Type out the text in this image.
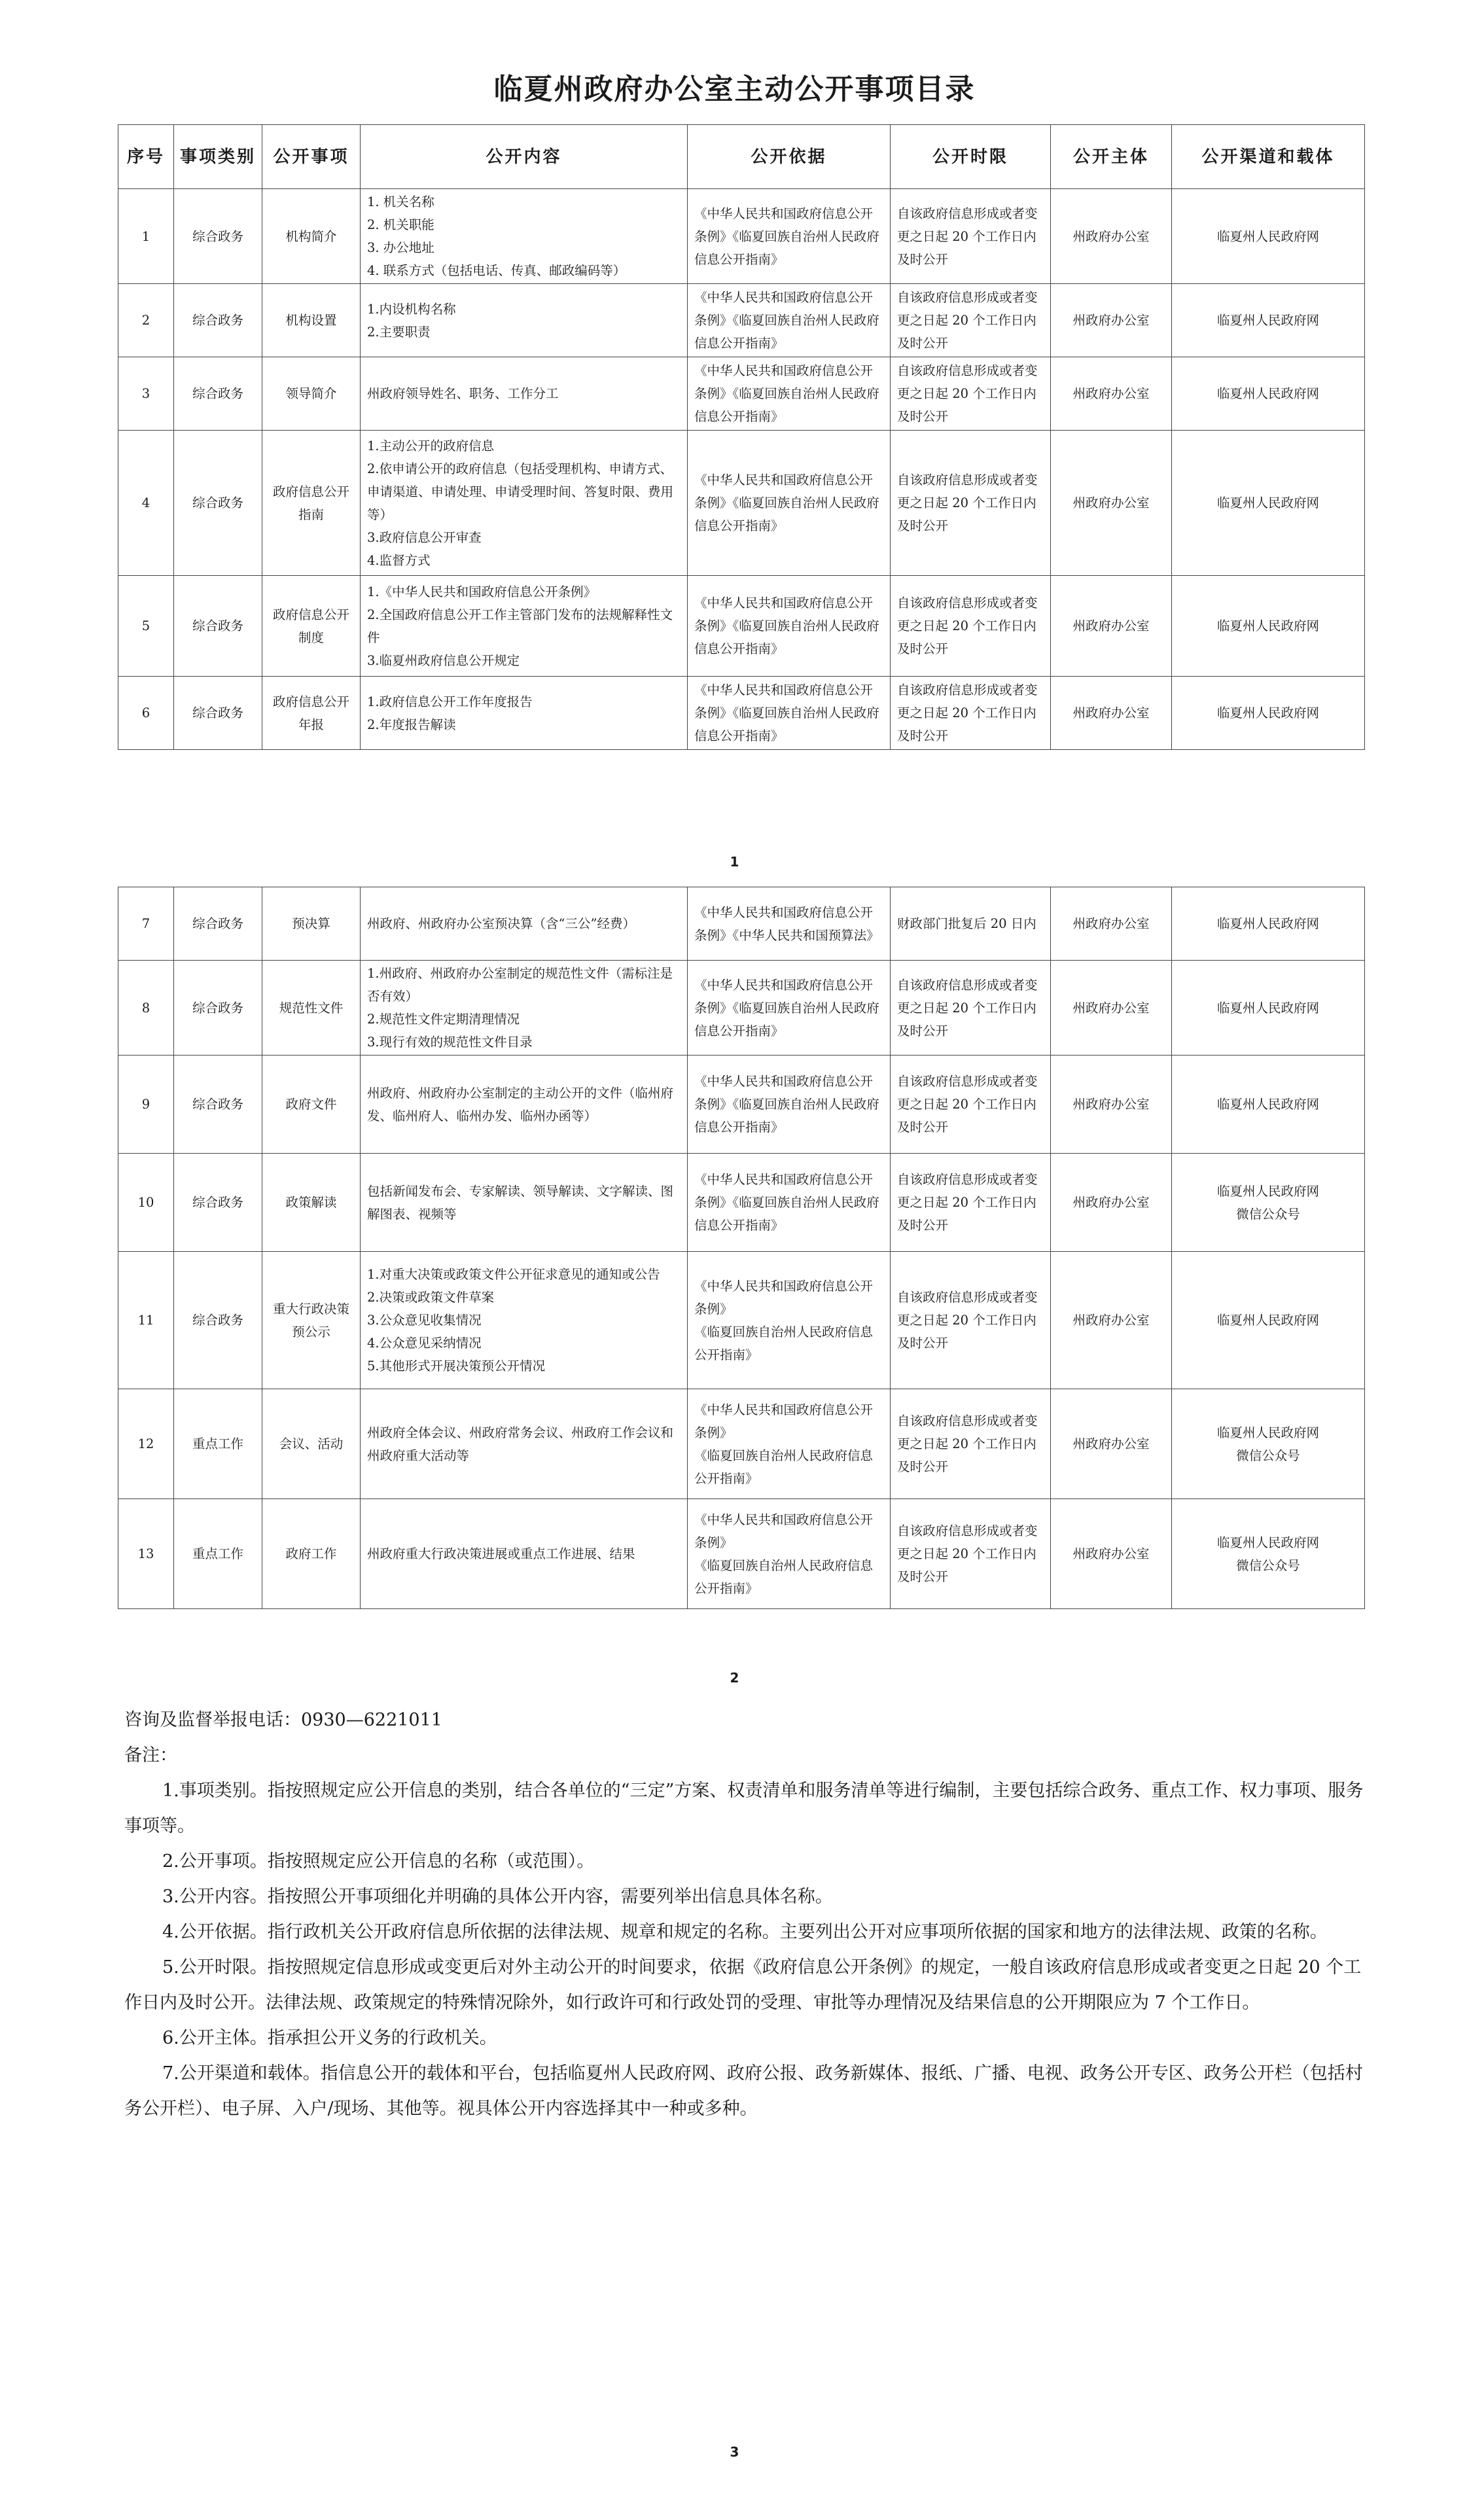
临夏州政府办公室主动公开事项目录
序号	事项类别	公开事项	公开内容	公开依据	公开时限	公开主体	公开渠道和载体
1	综合政务	机构简介	1. 机关名称
2. 机关职能
3. 办公地址
4. 联系方式（包括电话、传真、邮政编码等）	《中华人民共和国政府信息公开条例》《临夏回族自治州人民政府信息公开指南》	自该政府信息形成或者变更之日起 20 个工作日内及时公开	州政府办公室	临夏州人民政府网
2	综合政务	机构设置	1.内设机构名称
2.主要职责	《中华人民共和国政府信息公开条例》《临夏回族自治州人民政府信息公开指南》	自该政府信息形成或者变更之日起 20 个工作日内及时公开	州政府办公室	临夏州人民政府网
3	综合政务	领导简介	州政府领导姓名、职务、工作分工	《中华人民共和国政府信息公开条例》《临夏回族自治州人民政府信息公开指南》	自该政府信息形成或者变更之日起 20 个工作日内及时公开	州政府办公室	临夏州人民政府网
4	综合政务	政府信息公开指南	1.主动公开的政府信息
2.依申请公开的政府信息（包括受理机构、申请方式、申请渠道、申请处理、申请受理时间、答复时限、费用等）
3.政府信息公开审查
4.监督方式	《中华人民共和国政府信息公开条例》《临夏回族自治州人民政府信息公开指南》	自该政府信息形成或者变更之日起 20 个工作日内及时公开	州政府办公室	临夏州人民政府网
5	综合政务	政府信息公开制度	1.《中华人民共和国政府信息公开条例》
2.全国政府信息公开工作主管部门发布的法规解释性文件
3.临夏州政府信息公开规定	《中华人民共和国政府信息公开条例》《临夏回族自治州人民政府信息公开指南》	自该政府信息形成或者变更之日起 20 个工作日内及时公开	州政府办公室	临夏州人民政府网
6	综合政务	政府信息公开年报	1.政府信息公开工作年度报告
2.年度报告解读	《中华人民共和国政府信息公开条例》《临夏回族自治州人民政府信息公开指南》	自该政府信息形成或者变更之日起 20 个工作日内及时公开	州政府办公室	临夏州人民政府网
1
7	综合政务	预决算	州政府、州政府办公室预决算（含“三公”经费）	《中华人民共和国政府信息公开条例》《中华人民共和国预算法》	财政部门批复后 20 日内	州政府办公室	临夏州人民政府网
8	综合政务	规范性文件	1.州政府、州政府办公室制定的规范性文件（需标注是否有效）
2.规范性文件定期清理情况
3.现行有效的规范性文件目录	《中华人民共和国政府信息公开条例》《临夏回族自治州人民政府信息公开指南》	自该政府信息形成或者变更之日起 20 个工作日内及时公开	州政府办公室	临夏州人民政府网
9	综合政务	政府文件	州政府、州政府办公室制定的主动公开的文件（临州府发、临州府人、临州办发、临州办函等）	《中华人民共和国政府信息公开条例》《临夏回族自治州人民政府信息公开指南》	自该政府信息形成或者变更之日起 20 个工作日内及时公开	州政府办公室	临夏州人民政府网
10	综合政务	政策解读	包括新闻发布会、专家解读、领导解读、文字解读、图解图表、视频等	《中华人民共和国政府信息公开条例》《临夏回族自治州人民政府信息公开指南》	自该政府信息形成或者变更之日起 20 个工作日内及时公开	州政府办公室	临夏州人民政府网
微信公众号
11	综合政务	重大行政决策预公示	1.对重大决策或政策文件公开征求意见的通知或公告
2.决策或政策文件草案
3.公众意见收集情况
4.公众意见采纳情况
5.其他形式开展决策预公开情况	《中华人民共和国政府信息公开条例》
《临夏回族自治州人民政府信息公开指南》	自该政府信息形成或者变更之日起 20 个工作日内及时公开	州政府办公室	临夏州人民政府网
12	重点工作	会议、活动	州政府全体会议、州政府常务会议、州政府工作会议和州政府重大活动等	《中华人民共和国政府信息公开条例》
《临夏回族自治州人民政府信息公开指南》	自该政府信息形成或者变更之日起 20 个工作日内及时公开	州政府办公室	临夏州人民政府网
微信公众号
13	重点工作	政府工作	州政府重大行政决策进展或重点工作进展、结果	《中华人民共和国政府信息公开条例》
《临夏回族自治州人民政府信息公开指南》	自该政府信息形成或者变更之日起 20 个工作日内及时公开	州政府办公室	临夏州人民政府网
微信公众号
2

咨询及监督举报电话：0930—6221011

备注：

1.事项类别。指按照规定应公开信息的类别，结合各单位的“三定”方案、权责清单和服务清单等进行编制，主要包括综合政务、重点工作、权力事项、服务事项等。

2.公开事项。指按照规定应公开信息的名称（或范围）。

3.公开内容。指按照公开事项细化并明确的具体公开内容，需要列举出信息具体名称。

4.公开依据。指行政机关公开政府信息所依据的法律法规、规章和规定的名称。主要列出公开对应事项所依据的国家和地方的法律法规、政策的名称。

5.公开时限。指按照规定信息形成或变更后对外主动公开的时间要求，依据《政府信息公开条例》的规定，一般自该政府信息形成或者变更之日起 20 个工作日内及时公开。法律法规、政策规定的特殊情况除外，如行政许可和行政处罚的受理、审批等办理情况及结果信息的公开期限应为 7 个工作日。

6.公开主体。指承担公开义务的行政机关。

7.公开渠道和载体。指信息公开的载体和平台，包括临夏州人民政府网、政府公报、政务新媒体、报纸、广播、电视、政务公开专区、政务公开栏（包括村务公开栏）、电子屏、入户/现场、其他等。视具体公开内容选择其中一种或多种。

3
